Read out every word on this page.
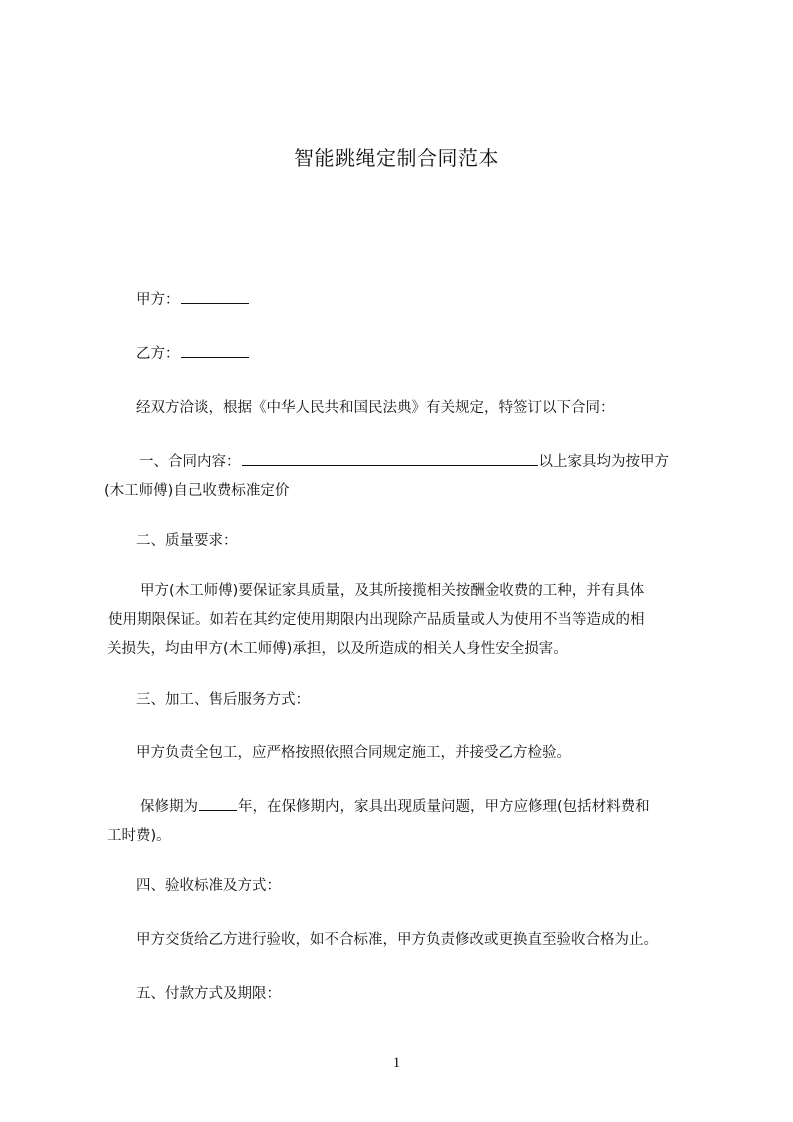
智能跳绳定制合同范本
甲方：
乙方：
经双方洽谈，根据《中华人民共和国民法典》有关规定，特签订以下合同：
一、合同内容：	以上家具均为按甲方
(木工师傅)自己收费标准定价
二、质量要求：
甲方(木工师傅)要保证家具质量，及其所接揽相关按酬金收费的工种，并有具体
使用期限保证。如若在其约定使用期限内出现除产品质量或人为使用不当等造成的相
关损失，均由甲方(木工师傅)承担，以及所造成的相关人身性安全损害。
三、加工、售后服务方式：
甲方负责全包工，应严格按照依照合同规定施工，并接受乙方检验。
保修期为	年，在保修期内，家具出现质量问题，甲方应修理(包括材料费和
工时费)。
四、验收标准及方式：
甲方交货给乙方进行验收，如不合标准，甲方负责修改或更换直至验收合格为止。
五、付款方式及期限：
1
